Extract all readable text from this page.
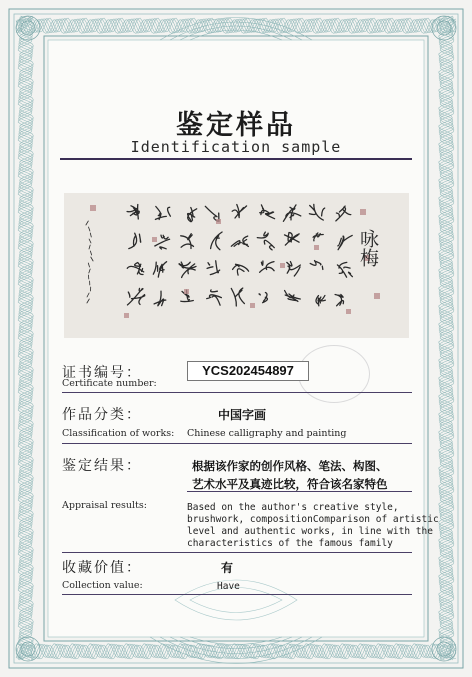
鉴定样品
Identification sample
咏梅
证书编号：
Certificate number:
YCS202454897
作品分类：	中国字画
Classification of works: Chinese calligraphy and painting
鉴定结果：	根据该作家的创作风格、笔法、构图、
艺术水平及真迹比较，符合该名家特色
Appraisal results:	Based on the author's creative style,
brushwork, compositionComparison of artistic
level and authentic works, in line with the
characteristics of the famous family
收藏价值：	有
Collection value:	Have
